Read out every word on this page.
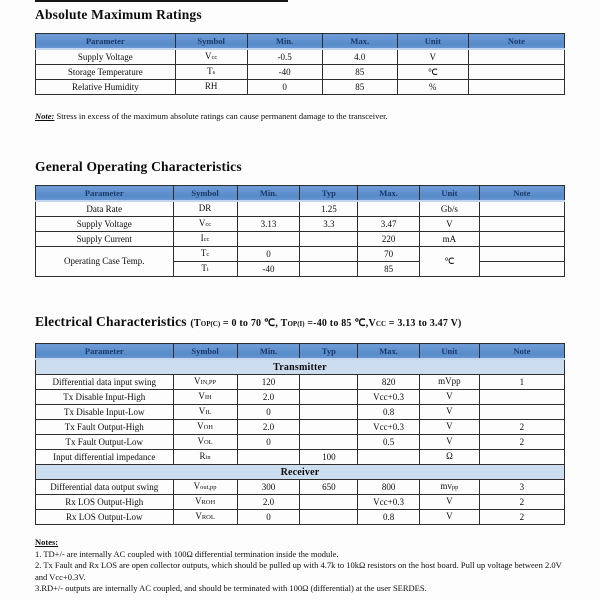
Absolute Maximum Ratings
Parameter	Symbol	Min.	Max.	Unit	Note
Supply Voltage	Vcc	-0.5	4.0	V	
Storage Temperature	Ts	-40	85	℃	
Relative Humidity	RH	0	85	%	

Note: Stress in excess of the maximum absolute ratings can cause permanent damage to the transceiver.

General Operating Characteristics
Parameter	Symbol	Min.	Typ	Max.	Unit	Note
Data Rate	DR		1.25		Gb/s	
Supply Voltage	Vcc	3.13	3.3	3.47	V	
Supply Current	Icc			220	mA	
Operating Case Temp.	Tc	0		70	℃	
	Ti	-40		85		
Electrical Characteristics (TOP(C) = 0 to 70 ℃, TOP(I) =-40 to 85 ℃,VCC = 3.13 to 3.47 V)
Parameter	Symbol	Min.	Typ	Max.	Unit	Note
Transmitter						
Differential data input swing	VIN,PP	120		820	mVpp	1
Tx Disable Input-High	VIH	2.0		Vcc+0.3	V	
Tx Disable Input-Low	VIL	0		0.8	V	
Tx Fault Output-High	VOH	2.0		Vcc+0.3	V	2
Tx Fault Output-Low	VOL	0		0.5	V	2
Input differential impedance	Rin		100		Ω	
Receiver						
Differential data output swing	Vout,pp	300	650	800	mvpp	3
Rx LOS Output-High	VROH	2.0		Vcc+0.3	V	2
Rx LOS Output-Low	VROL	0		0.8	V	2
Notes:

1. TD+/- are internally AC coupled with 100Ω differential termination inside the module.

2. Tx Fault and Rx LOS are open collector outputs, which should be pulled up with 4.7k to 10kΩ resistors on the host board. Pull up voltage between 2.0V and Vcc+0.3V.

3.RD+/- outputs are internally AC coupled, and should be terminated with 100Ω (differential) at the user SERDES.
